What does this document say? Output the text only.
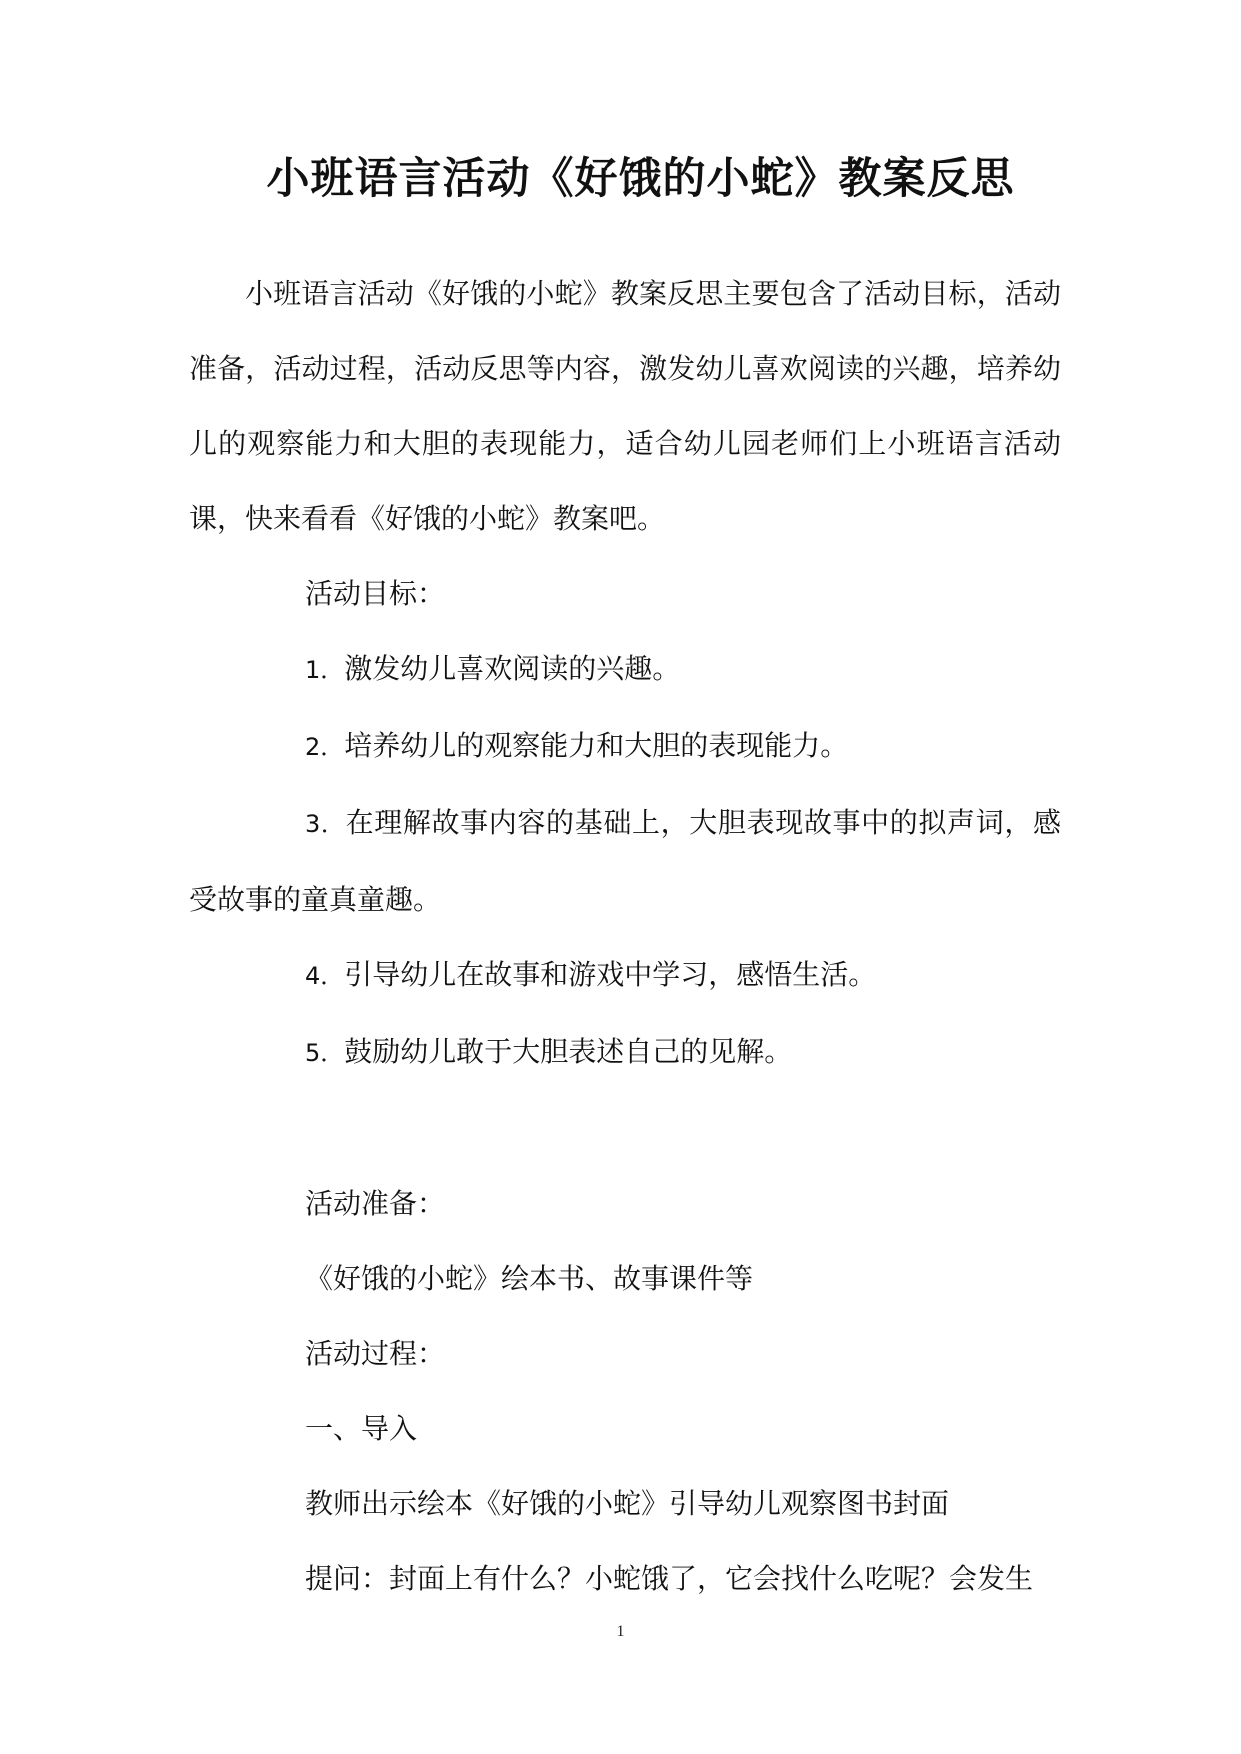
小班语言活动《好饿的小蛇》教案反思

小班语言活动《好饿的小蛇》教案反思主要包含了活动目标，活动准备，活动过程，活动反思等内容，激发幼儿喜欢阅读的兴趣，培养幼儿的观察能力和大胆的表现能力，适合幼儿园老师们上小班语言活动课，快来看看《好饿的小蛇》教案吧。

活动目标：

1．激发幼儿喜欢阅读的兴趣。

2．培养幼儿的观察能力和大胆的表现能力。

3．在理解故事内容的基础上，大胆表现故事中的拟声词，感受故事的童真童趣。

4．引导幼儿在故事和游戏中学习，感悟生活。

5．鼓励幼儿敢于大胆表述自己的见解。

活动准备：

《好饿的小蛇》绘本书、故事课件等

活动过程：

一、导入

教师出示绘本《好饿的小蛇》引导幼儿观察图书封面

提问：封面上有什么？小蛇饿了，它会找什么吃呢？会发生

1
